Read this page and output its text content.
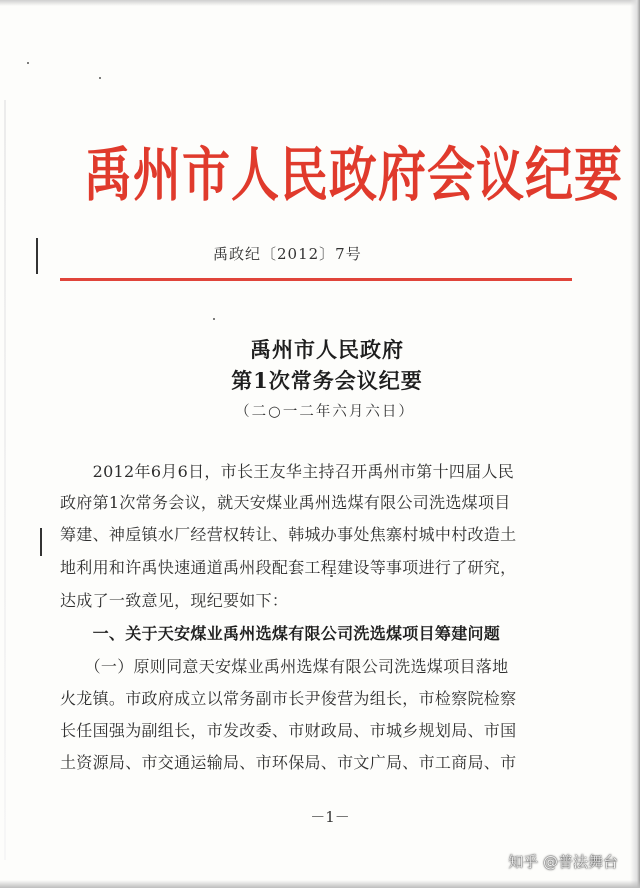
禹州市人民政府会议纪要
禹政纪〔2012〕7号
禹州市人民政府
第1次常务会议纪要
（二○一二年六月六日）
　　2012年6月6日，市长王友华主持召开禹州市第十四届人民
政府第1次常务会议，就天安煤业禹州选煤有限公司洗选煤项目
筹建、神垕镇水厂经营权转让、韩城办事处焦寨村城中村改造土
地利用和许禹快速通道禹州段配套工程建设等事项进行了研究，
达成了一致意见，现纪要如下：
　　一、关于天安煤业禹州选煤有限公司洗选煤项目筹建问题
　　（一）原则同意天安煤业禹州选煤有限公司洗选煤项目落地
火龙镇。市政府成立以常务副市长尹俊营为组长，市检察院检察
长任国强为副组长，市发改委、市财政局、市城乡规划局、市国
土资源局、市交通运输局、市环保局、市文广局、市工商局、市
－1－
知乎 @普法舞台
